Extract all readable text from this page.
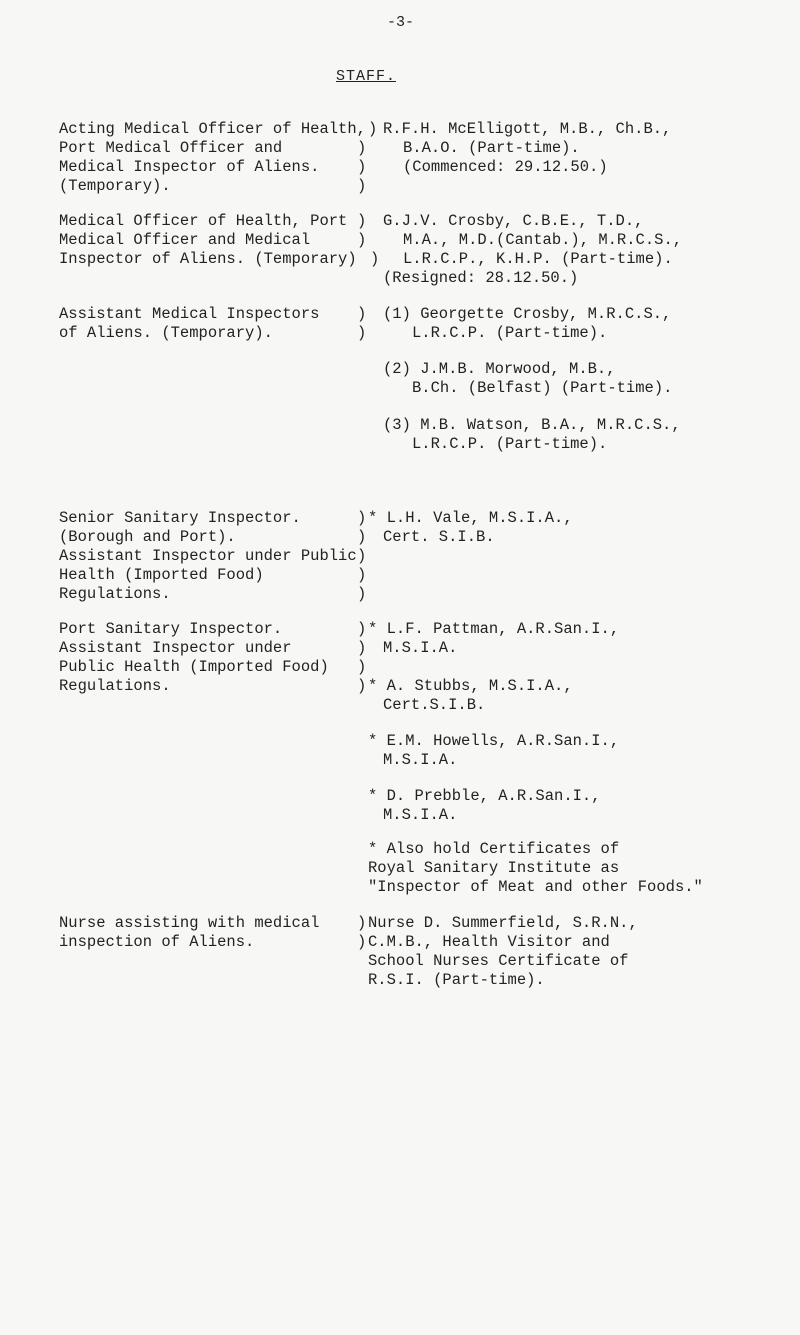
-3-
STAFF.
Acting Medical Officer of Health,
Port Medical Officer and
Medical Inspector of Aliens.
(Temporary).
)
)
)
)
R.F.H. McElligott, M.B., Ch.B.,
B.A.O. (Part-time).
(Commenced: 29.12.50.)
Medical Officer of Health, Port
Medical Officer and Medical
Inspector of Aliens. (Temporary)
)
)
)
G.J.V. Crosby, C.B.E., T.D.,
M.A., M.D.(Cantab.), M.R.C.S.,
L.R.C.P., K.H.P. (Part-time).
(Resigned: 28.12.50.)
Assistant Medical Inspectors
of Aliens. (Temporary).
)
)
(1) Georgette Crosby, M.R.C.S.,
L.R.C.P. (Part-time).
(2) J.M.B. Morwood, M.B.,
B.Ch. (Belfast) (Part-time).
(3) M.B. Watson, B.A., M.R.C.S.,
L.R.C.P. (Part-time).
Senior Sanitary Inspector.
(Borough and Port).
Assistant Inspector under Public
Health (Imported Food)
Regulations.
)
)
)
)
)
* L.H. Vale, M.S.I.A.,
Cert. S.I.B.
Port Sanitary Inspector.
Assistant Inspector under
Public Health (Imported Food)
Regulations.
)
)
)
)
* L.F. Pattman, A.R.San.I.,
M.S.I.A.
* A. Stubbs, M.S.I.A.,
Cert.S.I.B.
* E.M. Howells, A.R.San.I.,
M.S.I.A.
* D. Prebble, A.R.San.I.,
M.S.I.A.
* Also hold Certificates of
Royal Sanitary Institute as
"Inspector of Meat and other Foods."
Nurse assisting with medical
inspection of Aliens.
)
)
Nurse D. Summerfield, S.R.N.,
C.M.B., Health Visitor and
School Nurses Certificate of
R.S.I. (Part-time).
